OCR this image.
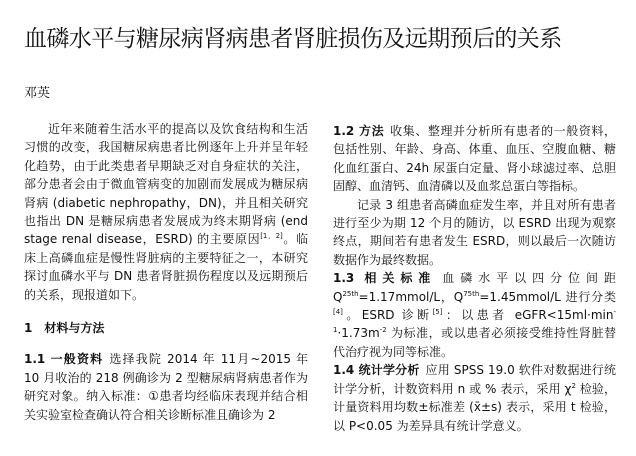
血磷水平与糖尿病肾病患者肾脏损伤及远期预后的关系
邓英

近年来随着生活水平的提高以及饮食结构和生活习惯的改变，我国糖尿病患者比例逐年上升并呈年轻化趋势，由于此类患者早期缺乏对自身症状的关注，部分患者会由于微血管病变的加剧而发展成为糖尿病肾病 (diabetic nephropathy，DN)，并且相关研究也指出 DN 是糖尿病患者发展成为终末期肾病 (end stage renal disease，ESRD) 的主要原因[1，2]。临床上高磷血症是慢性肾脏病的主要特征之一，本研究探讨血磷水平与 DN 患者肾脏损伤程度以及远期预后的关系，现报道如下。

1　材料与方法

1.1 一般资料 选择我院 2014 年 11月~2015 年 10 月收治的 218 例确诊为 2 型糖尿病肾病患者作为研究对象。纳入标准：①患者均经临床表现并结合相关实验室检查确认符合相关诊断标准且确诊为 2

1.2 方法 收集、整理并分析所有患者的一般资料，包括性别、年龄、身高、体重、血压、空腹血糖、糖化血红蛋白、24h 尿蛋白定量、肾小球滤过率、总胆固醇、血清钙、血清磷以及血浆总蛋白等指标。

记录 3 组患者高磷血症发生率，并且对所有患者进行至少为期 12 个月的随访，以 ESRD 出现为观察终点，期间若有患者发生 ESRD，则以最后一次随访数据作为最终数据。

1.3 相关标准 血磷水平以四分位间距 $Q^{25th}=1.17mmol/L$，$Q^{75th}=1.45mmol/L$ 进行分类[4]。ESRD 诊断[5]：以患者 $eGFR<15ml\cdot\min^{-1}\cdot 1.73m^{-2}$ 为标准，或以患者必须接受维持性肾脏替代治疗视为同等标准。

1.4 统计学分析 应用 SPSS 19.0 软件对数据进行统计学分析，计数资料用 n 或 % 表示，采用 $\chi^2$ 检验，计量资料用均数±标准差 (x̄±s) 表示，采用 t 检验，以 P<0.05 为差异具有统计学意义。
